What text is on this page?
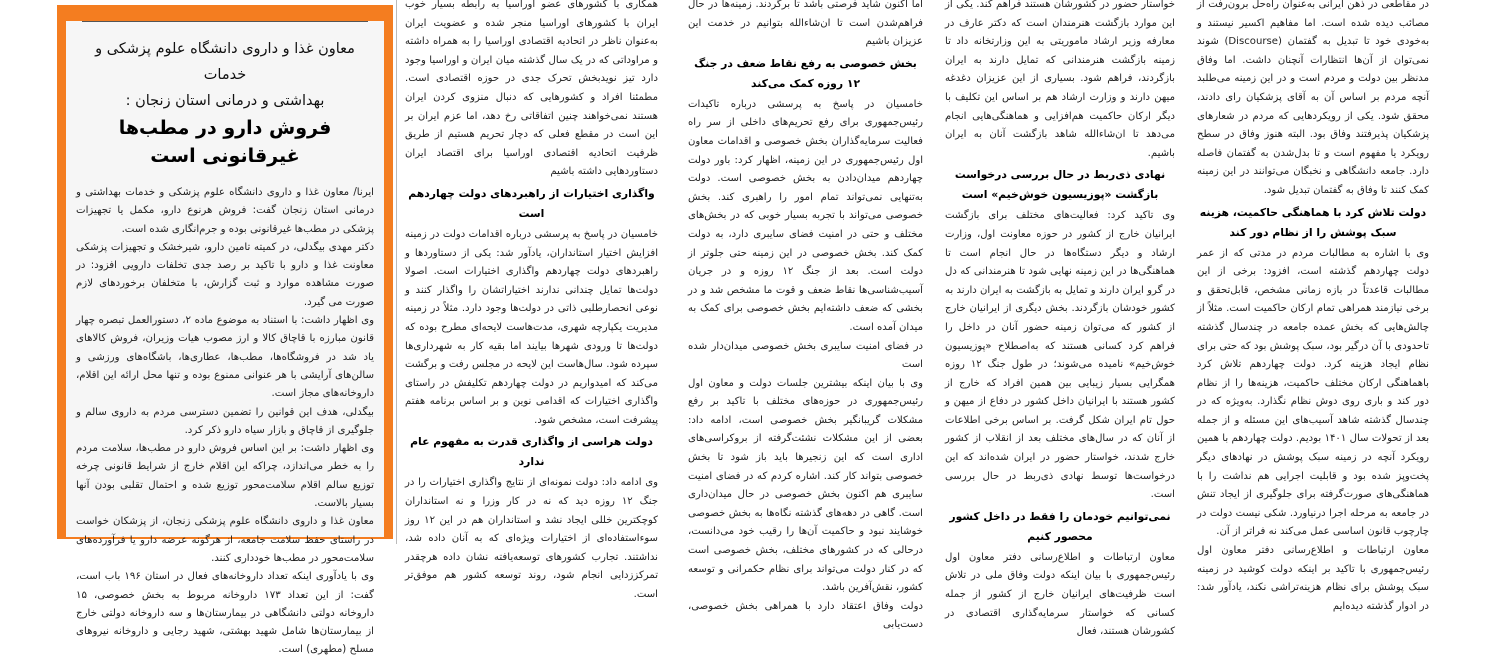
معاون غذا و داروی دانشگاه علوم پزشکی و خدمات
بهداشتی و درمانی استان زنجان :
فروش دارو در مطب‌ها غیرقانونی است

ایرنا/ معاون غذا و داروی دانشگاه علوم پزشکی و خدمات بهداشتی و درمانی استان زنجان گفت: فروش هرنوع دارو، مکمل یا تجهیزات پزشکی در مطب‌ها غیرقانونی بوده و جرم‌انگاری شده است.

دکتر مهدی بیگدلی، در کمیته تامین دارو، شیرخشک و تجهیزات پزشکی معاونت غذا و دارو با تاکید بر رصد جدی تخلفات دارویی افزود: در صورت مشاهده موارد و ثبت گزارش، با متخلفان برخوردهای لازم صورت می گیرد.

وی اظهار داشت: با استناد به موضوع ماده ۲، دستورالعمل تبصره چهار قانون مبارزه با قاچاق کالا و ارز مصوب هیات وزیران، فروش کالاهای یاد شد در فروشگاه‌ها، مطب‌ها، عطاری‌ها، باشگاه‌های ورزشی و سالن‌های آرایشی با هر عنوانی ممنوع بوده و تنها محل ارائه این اقلام، داروخانه‌های مجاز است.

بیگدلی، هدف این قوانین را تضمین دسترسی مردم به داروی سالم و جلوگیری از قاچاق و بازار سیاه دارو ذکر کرد.

وی اظهار داشت: بر این اساس فروش دارو در مطب‌ها، سلامت مردم را به خطر می‌اندازد، چراکه این اقلام خارج از شرایط قانونی چرخه توزیع سالم اقلام سلامت‌محور توزیع شده و احتمال تقلبی بودن آنها بسیار بالاست.

معاون غذا و داروی دانشگاه علوم پزشکی زنجان، از پزشکان خواست در راستای حفظ سلامت جامعه، از هرگونه عرضه دارو یا فرآورده‌های سلامت‌محور در مطب‌ها خودداری کنند.

وی با یادآوری اینکه تعداد داروخانه‌های فعال در استان ۱۹۶ باب است، گفت: از این تعداد ۱۷۳ داروخانه مربوط به بخش خصوصی، ۱۵ داروخانه دولتی دانشگاهی در بیمارستان‌ها و سه داروخانه دولتی خارج از بیمارستان‌ها شامل شهید بهشتی، شهید رجایی و داروخانه نیروهای مسلح (مطهری) است.

همکاری با کشورهای عضو اوراسیا به رابطه بسیار خوب ایران با کشورهای اوراسیا منجر شده و عضویت ایران به‌عنوان ناظر در اتحادیه اقتصادی اوراسیا را به همراه داشته و مراوداتی که در یک سال گذشته میان ایران و اوراسیا وجود دارد تیز نویدبخش تحرک جدی در حوزه اقتصادی است. مطمئنا افراد و کشورهایی که دنبال منزوی کردن ایران هستند نمی‌خواهند چنین اتفاقاتی رخ دهد، اما عزم ایران بر این است در مقطع فعلی که دچار تحریم هستیم از طریق ظرفیت اتحادیه اقتصادی اوراسیا برای اقتصاد ایران دستاوردهایی داشته باشیم

واگذاری اختیارات از راهبردهای دولت چهاردهم است

خامسیان در پاسخ به پرسشی درباره اقدامات دولت در زمینه افزایش اختیار استانداران، یادآور شد: یکی از دستاوردها و راهبردهای دولت چهاردهم واگذاری اختیارات است. اصولا دولت‌ها تمایل چندانی ندارند اختیاراتشان را واگذار کنند و نوعی انحصارطلبی ذاتی در دولت‌ها وجود دارد. مثلاً در زمینه مدیریت یکپارچه شهری، مدت‌هاست لایحه‌ای مطرح بوده که دولت‌ها تا ورودی شهرها بیایند اما بقیه کار به شهرداری‌ها سپرده شود. سال‌هاست این لایحه در مجلس رفت و برگشت می‌کند که امیدواریم در دولت چهاردهم تکلیفش در راستای واگذاری اختیارات که اقدامی نوین و بر اساس برنامه هفتم پیشرفت است، مشخص شود.

دولت هراسی از واگذاری قدرت به مفهوم عام ندارد

وی ادامه داد: دولت نمونه‌ای از نتایج واگذاری اختیارات را در جنگ ۱۲ روزه دید که نه در کار وزرا و نه استانداران کوچکترین خللی ایجاد نشد و استانداران هم در این ۱۲ روز سوءاستفاده‌ای از اختیارات ویژه‌ای که به آنان داده شد، نداشتند. تجارب کشورهای توسعه‌یافته نشان داده هرچقدر تمرکززدایی انجام شود، روند توسعه کشور هم موفق‌تر است.

اما اکنون شاید فرصتی باشد تا برگردند. زمینه‌ها در حال فراهم‌شدن است تا ان‌شاءالله بتوانیم در خدمت این عزیزان باشیم

بخش خصوصی به رفع نقاط ضعف در جنگ ۱۲ روزه کمک می‌کند

خامسیان در پاسخ به پرسشی درباره تاکیدات رئیس‌جمهوری برای رفع تحریم‌های داخلی از سر راه فعالیت سرمایه‌گذاران بخش خصوصی و اقدامات معاون اول رئیس‌جمهوری در این زمینه، اظهار کرد: باور دولت چهاردهم میدان‌دادن به بخش خصوصی است. دولت به‌تنهایی نمی‌تواند تمام امور را راهبری کند. بخش خصوصی می‌تواند با تجربه بسیار خوبی که در بخش‌های مختلف و حتی در امنیت فضای سایبری دارد، به دولت کمک کند. بخش خصوصی در این زمینه حتی جلوتر از دولت است. بعد از جنگ ۱۲ روزه و در جریان آسیب‌شناسی‌ها نقاط ضعف و قوت ما مشخص شد و در بخشی که ضعف داشته‌ایم بخش خصوصی برای کمک به میدان آمده است.

در فضای امنیت سایبری بخش خصوصی میدان‌دار شده است

وی با بیان اینکه بیشترین جلسات دولت و معاون اول رئیس‌جمهوری در حوزه‌های مختلف با تاکید بر رفع مشکلات گریبانگیر بخش خصوصی است، ادامه داد: بعضی از این مشکلات نشئت‌گرفته از بروکراسی‌های اداری است که این زنجیرها باید باز شود تا بخش خصوصی بتواند کار کند. اشاره کردم که در فضای امنیت سایبری هم اکنون بخش خصوصی در حال میدان‌داری است. گاهی در دهه‌های گذشته نگاه‌ها به بخش خصوصی خوشایند نبود و حاکمیت آن‌ها را رقیب خود می‌دانست، درحالی که در کشورهای مختلف، بخش خصوصی است که در کنار دولت می‌تواند برای نظام حکمرانی و توسعه کشور، نقش‌آفرین باشد.

دولت وفاق اعتقاد دارد با همراهی بخش خصوصی، دست‌یابی

خواستار حضور در کشورشان هستند فراهم کند. یکی از این موارد بازگشت هنرمندان است که دکتر عارف در معارفه وزیر ارشاد ماموریتی به این وزارتخانه داد تا زمینه بازگشت هنرمندانی که تمایل دارند به ایران بازگردند، فراهم شود. بسیاری از این عزیزان دغدغه میهن دارند و وزارت ارشاد هم بر اساس این تکلیف با دیگر ارکان حاکمیت هم‌افزایی و هماهنگی‌هایی انجام می‌دهد تا ان‌شاءالله شاهد بازگشت آنان به ایران باشیم.

نهادی ذی‌ربط در حال بررسی درخواست بازگشت «پوزیسیون خوش‌خیم» است

وی تاکید کرد: فعالیت‌های مختلف برای بازگشت ایرانیان خارج از کشور در حوزه معاونت اول، وزارت ارشاد و دیگر دستگاه‌ها در حال انجام است تا هماهنگی‌ها در این زمینه نهایی شود تا هنرمندانی که دل در گرو ایران دارند و تمایل به بازگشت به ایران دارند به کشور خودشان بازگردند. بخش دیگری از ایرانیان خارج از کشور که می‌توان زمینه حضور آنان در داخل را فراهم کرد کسانی هستند که به‌اصطلاح «پوزیسیون خوش‌خیم» نامیده می‌شوند؛ در طول جنگ ۱۲ روزه همگرایی بسیار زیبایی بین همین افراد که خارج از کشور هستند با ایرانیان داخل کشور در دفاع از میهن و حول تام ایران شکل گرفت. بر اساس برخی اطلاعات از آنان که در سال‌های مختلف بعد از انقلاب از کشور خارج شدند، خواستار حضور در ایران شده‌اند که این درخواست‌ها توسط نهادی ذی‌ربط در حال بررسی است.

نمی‌توانیم خودمان را فقط در داخل کشور محصور کنیم

معاون ارتباطات و اطلاع‌رسانی دفتر معاون اول رئیس‌جمهوری با بیان اینکه دولت وفاق ملی در تلاش است ظرفیت‌های ایرانیان خارج از کشور از جمله کسانی که خواستار سرمایه‌گذاری اقتصادی در کشورشان هستند، فعال

در مقاطعی در ذهن ایرانی به‌عنوان راه‌حل برون‌رفت از مصائب دیده شده است. اما مفاهیم اکسیر نیستند و به‌خودی خود تا تبدیل به گفتمان (Discourse) شوند نمی‌توان از آن‌ها انتظارات آنچنان داشت. اما وفاق مدنظر بین دولت و مردم است و در این زمینه می‌طلبد آنچه مردم بر اساس آن به آقای پزشکیان رای دادند، محقق شود. یکی از رویکردهایی که مردم در شعارهای پزشکیان پذیرفتند وفاق بود. البته هنوز وفاق در سطح رویکرد یا مفهوم است و تا بدل‌شدن به گفتمان فاصله دارد. جامعه دانشگاهی و نخبگان می‌توانند در این زمینه کمک کنند تا وفاق به گفتمان تبدیل شود.

دولت تلاش کرد با هماهنگی حاکمیت، هزینه سبک پوشش را از نظام دور کند

وی با اشاره به مطالبات مردم در مدتی که از عمر دولت چهاردهم گذشته است، افزود: برخی از این مطالبات قاعدتاً در بازه زمانی مشخص، قابل‌تحقق و برخی نیازمند همراهی تمام ارکان حاکمیت است. مثلاً از چالش‌هایی که بخش عمده جامعه در چندسال گذشته تاحدودی با آن درگیر بود، سبک پوشش بود که حتی برای نظام ایجاد هزینه کرد. دولت چهاردهم تلاش کرد باهماهنگی ارکان مختلف حاکمیت، هزینه‌ها را از نظام دور کند و باری روی دوش نظام نگذارد. به‌ویژه که در چندسال گذشته شاهد آسیب‌های این مسئله و از جمله بعد از تحولات سال ۱۴۰۱ بودیم. دولت چهاردهم با همین رویکرد آنچه در زمینه سبک پوشش در نهادهای دیگر پخت‌وپز شده بود و قابلیت اجرایی هم نداشت را با هماهنگی‌های صورت‌گرفته برای جلوگیری از ایجاد تنش در جامعه به مرحله اجرا درنیاورد. شکی نیست دولت در چارچوب قانون اساسی عمل می‌کند نه فراتر از آن.

معاون ارتباطات و اطلاع‌رسانی دفتر معاون اول رئیس‌جمهوری با تاکید بر اینکه دولت کوشید در زمینه سبک پوشش برای نظام هزینه‌تراشی نکند، یادآور شد: در ادوار گذشته دیده‌ایم
